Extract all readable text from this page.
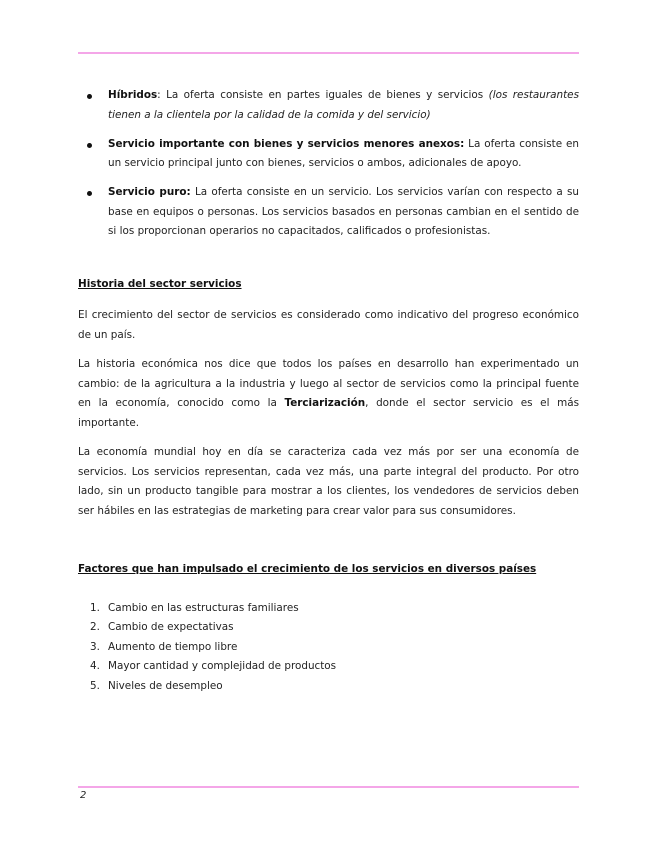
Híbridos: La oferta consiste en partes iguales de bienes y servicios (los restaurantes tienen a la clientela por la calidad de la comida y del servicio)
Servicio importante con bienes y servicios menores anexos: La oferta consiste en un servicio principal junto con bienes, servicios o ambos, adicionales de apoyo.
Servicio puro: La oferta consiste en un servicio. Los servicios varían con respecto a su base en equipos o personas. Los servicios basados en personas cambian en el sentido de si los proporcionan operarios no capacitados, calificados o profesionistas.
Historia del sector servicios

El crecimiento del sector de servicios es considerado como indicativo del progreso económico de un país.

La historia económica nos dice que todos los países en desarrollo han experimentado un cambio: de la agricultura a la industria y luego al sector de servicios como la principal fuente en la economía, conocido como la Terciarización, donde el sector servicio es el más importante.

La economía mundial hoy en día se caracteriza cada vez más por ser una economía de servicios. Los servicios representan, cada vez más, una parte integral del producto. Por otro lado, sin un producto tangible para mostrar a los clientes, los vendedores de servicios deben ser hábiles en las estrategias de marketing para crear valor para sus consumidores.

Factores que han impulsado el crecimiento de los servicios en diversos países
1. Cambio en las estructuras familiares
2. Cambio de expectativas
3. Aumento de tiempo libre
4. Mayor cantidad y complejidad de productos
5. Niveles de desempleo
2
